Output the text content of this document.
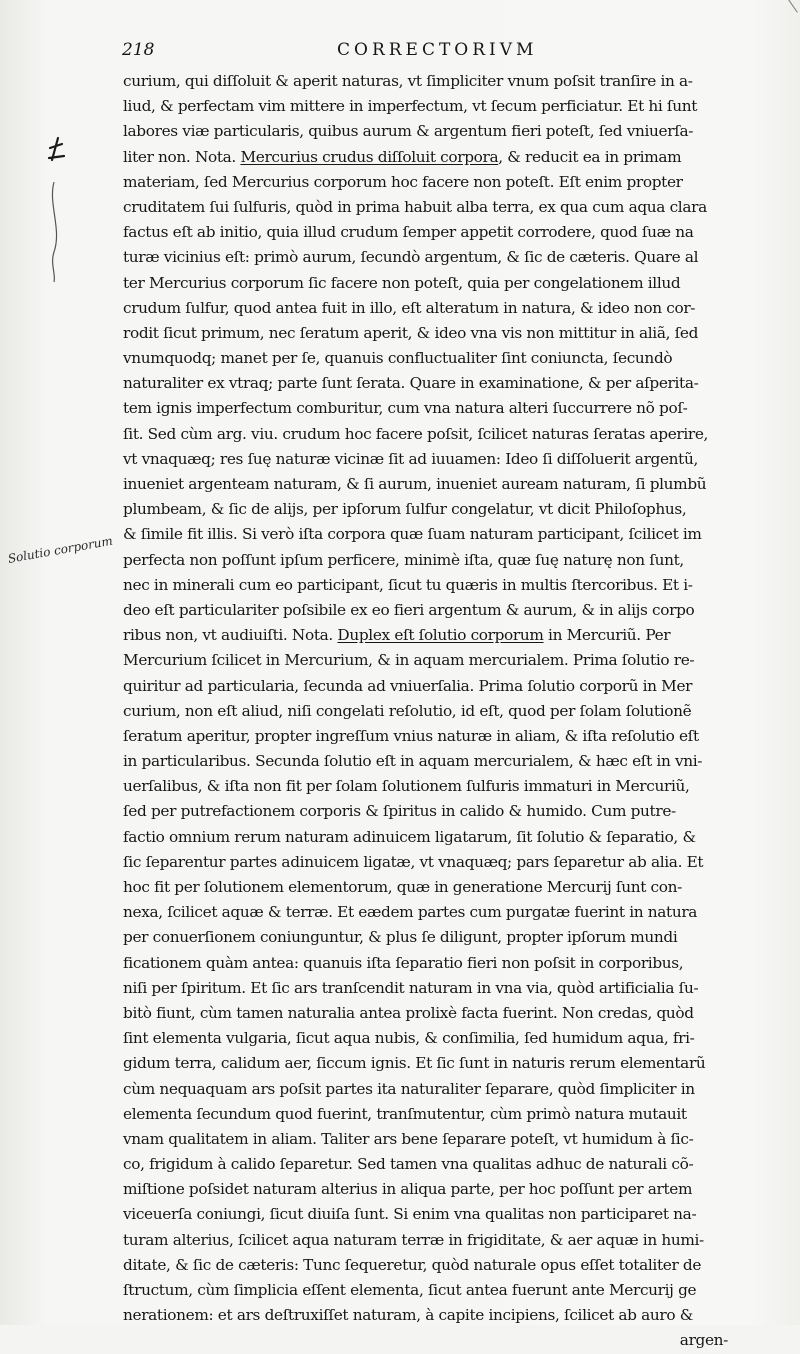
218	CORRECTORIVM
Solutio corporum
curium, qui diſſoluit & aperit naturas, vt ſimpliciter vnum poſsit tranſire in a-
liud, & perfectam vim mittere in imperfectum, vt ſecum perficiatur. Et hi ſunt
labores viæ particularis, quibus aurum & argentum fieri poteſt, ſed vniuerſa-
liter non. Nota. Mercurius crudus diſſoluit corpora, & reducit ea in primam
materiam, ſed Mercurius corporum hoc facere non poteſt. Eſt enim propter
cruditatem ſui ſulfuris, quòd in prima habuit alba terra, ex qua cum aqua clara
factus eſt ab initio, quia illud crudum ſemper appetit corrodere, quod ſuæ na
turæ vicinius eſt: primò aurum, ſecundò argentum, & ſic de cæteris. Quare al
ter Mercurius corporum ſic facere non poteſt, quia per congelationem illud
crudum ſulfur, quod antea fuit in illo, eſt alteratum in natura, & ideo non cor-
rodit ſicut primum, nec ſeratum aperit, & ideo vna vis non mittitur in aliã, ſed
vnumquodq; manet per ſe, quanuis confluctualiter ſint coniuncta, ſecundò
naturaliter ex vtraq; parte ſunt ſerata. Quare in examinatione, & per aſperita-
tem ignis imperfectum comburitur, cum vna natura alteri ſuccurrere nõ poſ-
ſit. Sed cùm arg. viu. crudum hoc facere poſsit, ſcilicet naturas ſeratas aperire,
vt vnaquæq; res ſuę naturæ vicinæ ſit ad iuuamen: Ideo ſi diſſoluerit argentũ,
inueniet argenteam naturam, & ſi aurum, inueniet auream naturam, ſi plumbũ
plumbeam, & ſic de alijs, per ipſorum ſulfur congelatur, vt dicit Philoſophus,
& ſimile fit illis. Si verò iſta corpora quæ ſuam naturam participant, ſcilicet im
perfecta non poſſunt ipſum perficere, minimè iſta, quæ ſuę naturę non ſunt,
nec in minerali cum eo participant, ſicut tu quæris in multis ſtercoribus. Et i-
deo eſt particulariter poſsibile ex eo fieri argentum & aurum, & in alijs corpo
ribus non, vt audiuiſti. Nota. Duplex eſt ſolutio corporum in Mercuriũ. Per
Mercurium ſcilicet in Mercurium, & in aquam mercurialem. Prima ſolutio re-
quiritur ad particularia, ſecunda ad vniuerſalia. Prima ſolutio corporũ in Mer
curium, non eſt aliud, niſi congelati reſolutio, id eſt, quod per ſolam ſolutionẽ
ſeratum aperitur, propter ingreſſum vnius naturæ in aliam, & iſta reſolutio eſt
in particularibus. Secunda ſolutio eſt in aquam mercurialem, & hæc eſt in vni-
uerſalibus, & iſta non fit per ſolam ſolutionem ſulfuris immaturi in Mercuriũ,
ſed per putrefactionem corporis & ſpiritus in calido & humido. Cum putre-
factio omnium rerum naturam adinuicem ligatarum, ſit ſolutio & ſeparatio, &
ſic ſeparentur partes adinuicem ligatæ, vt vnaquæq; pars ſeparetur ab alia. Et
hoc fit per ſolutionem elementorum, quæ in generatione Mercurij ſunt con-
nexa, ſcilicet aquæ & terræ. Et eædem partes cum purgatæ fuerint in natura
per conuerſionem coniunguntur, & plus ſe diligunt, propter ipſorum mundi
ficationem quàm antea: quanuis iſta ſeparatio fieri non poſsit in corporibus,
niſi per ſpiritum. Et ſic ars tranſcendit naturam in vna via, quòd artificialia ſu-
bitò fiunt, cùm tamen naturalia antea prolixè facta fuerint. Non credas, quòd
ſint elementa vulgaria, ſicut aqua nubis, & conſimilia, ſed humidum aqua, fri-
gidum terra, calidum aer, ſiccum ignis. Et ſic ſunt in naturis rerum elementarũ
cùm nequaquam ars poſsit partes ita naturaliter ſeparare, quòd ſimpliciter in
elementa ſecundum quod fuerint, tranſmutentur, cùm primò natura mutauit
vnam qualitatem in aliam. Taliter ars bene ſeparare poteſt, vt humidum à ſic-
co, frigidum à calido ſeparetur. Sed tamen vna qualitas adhuc de naturali cõ-
miſtione poſsidet naturam alterius in aliqua parte, per hoc poſſunt per artem
viceuerſa coniungi, ſicut diuiſa ſunt. Si enim vna qualitas non participaret na-
turam alterius, ſcilicet aqua naturam terræ in frigiditate, & aer aquæ in humi-
ditate, & ſic de cæteris: Tunc ſequeretur, quòd naturale opus eſſet totaliter de
ſtructum, cùm ſimplicia eſſent elementa, ſicut antea fuerunt ante Mercurij ge
nerationem: et ars deſtruxiſſet naturam, à capite incipiens, ſcilicet ab auro &
argen-
